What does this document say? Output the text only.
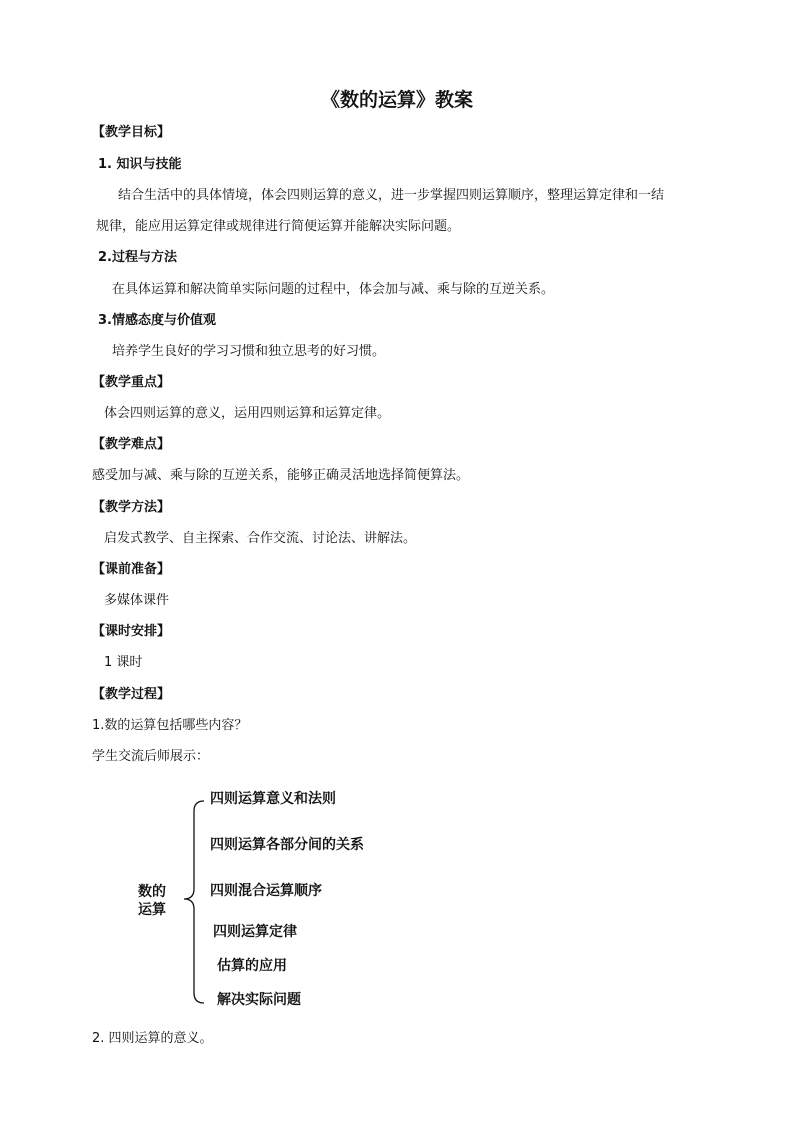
《数的运算》教案
【教学目标】
1. 知识与技能
结合生活中的具体情境，体会四则运算的意义，进一步掌握四则运算顺序，整理运算定律和一结
规律，能应用运算定律或规律进行简便运算并能解决实际问题。
2.过程与方法
在具体运算和解决简单实际问题的过程中，体会加与减、乘与除的互逆关系。
3.情感态度与价值观
培养学生良好的学习习惯和独立思考的好习惯。
【教学重点】
体会四则运算的意义，运用四则运算和运算定律。
【教学难点】
感受加与减、乘与除的互逆关系，能够正确灵活地选择简便算法。
【教学方法】
启发式教学、自主探索、合作交流、讨论法、讲解法。
【课前准备】
多媒体课件
【课时安排】
1 课时
【教学过程】
1.数的运算包括哪些内容？
学生交流后师展示：
数的
运算
四则运算意义和法则
四则运算各部分间的关系
四则混合运算顺序
四则运算定律
估算的应用
解决实际问题
2. 四则运算的意义。
